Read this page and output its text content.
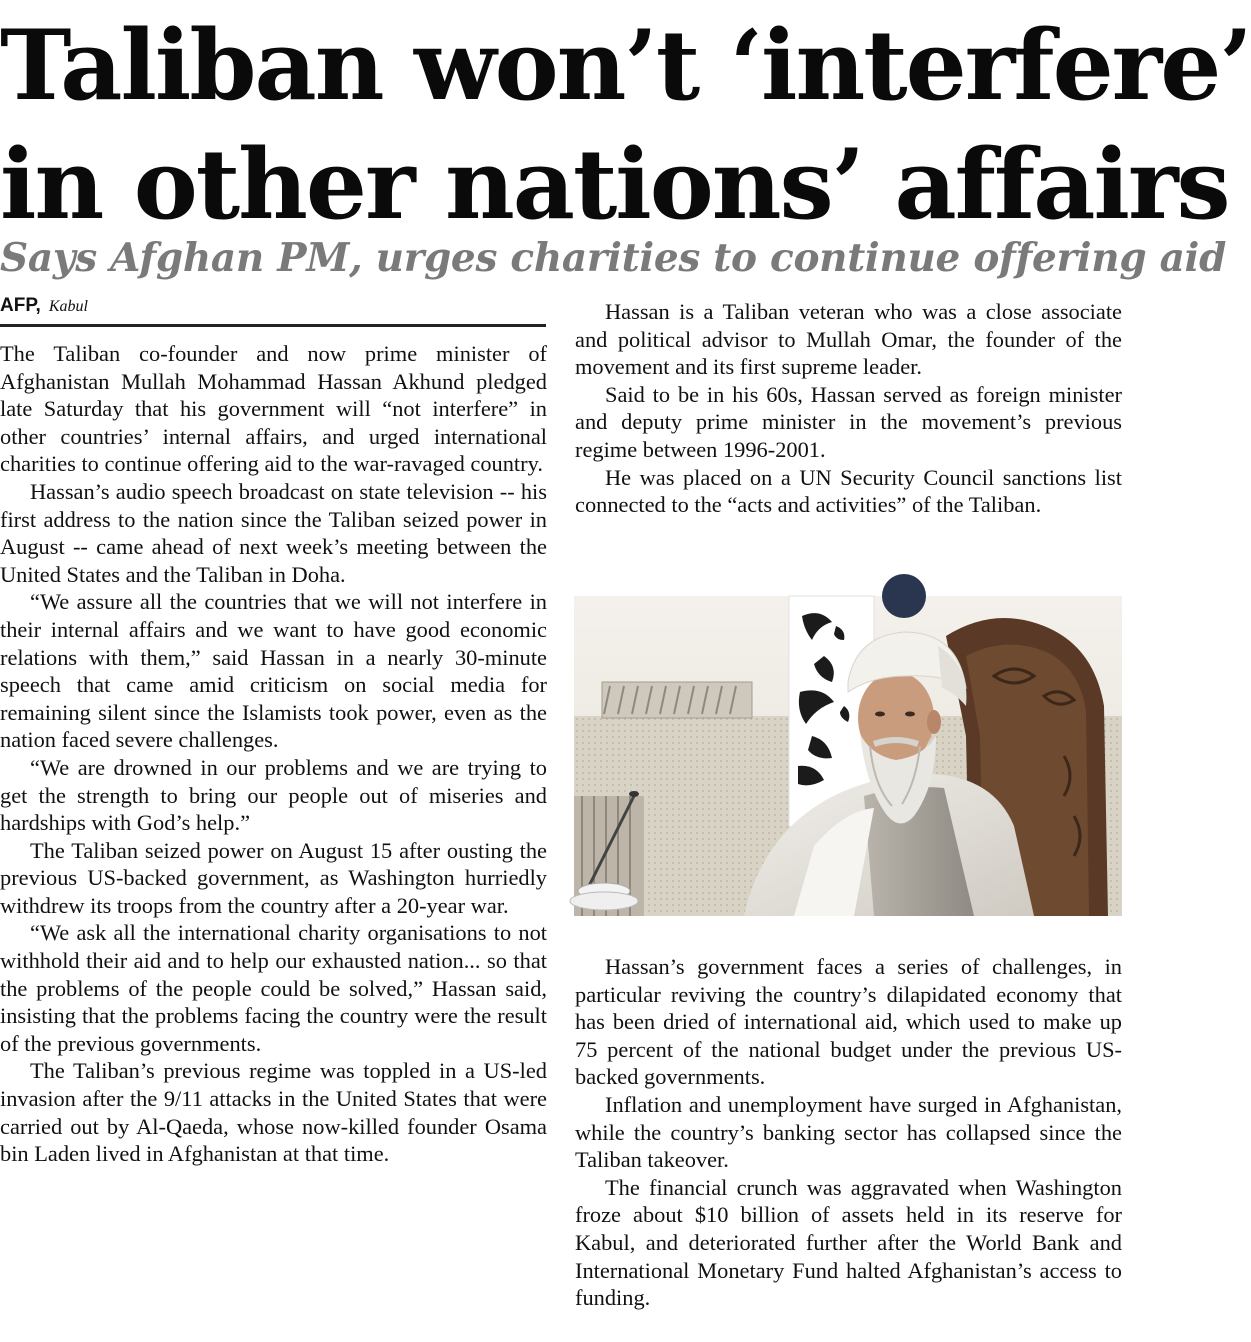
Taliban won’t ‘interfere’
in other nations’ affairs
Says Afghan PM, urges charities to continue offering aid
AFP, Kabul

The Taliban co-founder and now prime minister of Afghanistan Mullah Mohammad Hassan Akhund pledged late Saturday that his government will “not interfere” in other countries’ internal affairs, and urged international charities to continue offering aid to the war-ravaged country.

Hassan’s audio speech broadcast on state television -- his first address to the nation since the Taliban seized power in August -- came ahead of next week’s meeting between the United States and the Taliban in Doha.

“We assure all the countries that we will not interfere in their internal affairs and we want to have good economic relations with them,” said Hassan in a nearly 30-minute speech that came amid criticism on social media for remaining silent since the Islamists took power, even as the nation faced severe challenges.

“We are drowned in our problems and we are trying to get the strength to bring our people out of miseries and hardships with God’s help.”

The Taliban seized power on August 15 after ousting the previous US-backed government, as Washington hurriedly withdrew its troops from the country after a 20-year war.

“We ask all the international charity organisations to not withhold their aid and to help our exhausted nation... so that the problems of the people could be solved,” Hassan said, insisting that the problems facing the country were the result of the previous governments.

The Taliban’s previous regime was toppled in a US-led invasion after the 9/11 attacks in the United States that were carried out by Al-Qaeda, whose now-killed founder Osama bin Laden lived in Afghanistan at that time.

Hassan is a Taliban veteran who was a close associate and political advisor to Mullah Omar, the founder of the movement and its first supreme leader.

Said to be in his 60s, Hassan served as foreign minister and deputy prime minister in the movement’s previous regime between 1996-2001.

He was placed on a UN Security Council sanctions list connected to the “acts and activities” of the Taliban.

Hassan’s government faces a series of challenges, in particular reviving the country’s dilapidated economy that has been dried of international aid, which used to make up 75 percent of the national budget under the previous US-backed governments.

Inflation and unemployment have surged in Afghanistan, while the country’s banking sector has collapsed since the Taliban takeover.

The financial crunch was aggravated when Washington froze about $10 billion of assets held in its reserve for Kabul, and deteriorated further after the World Bank and International Monetary Fund halted Afghanistan’s access to funding.
